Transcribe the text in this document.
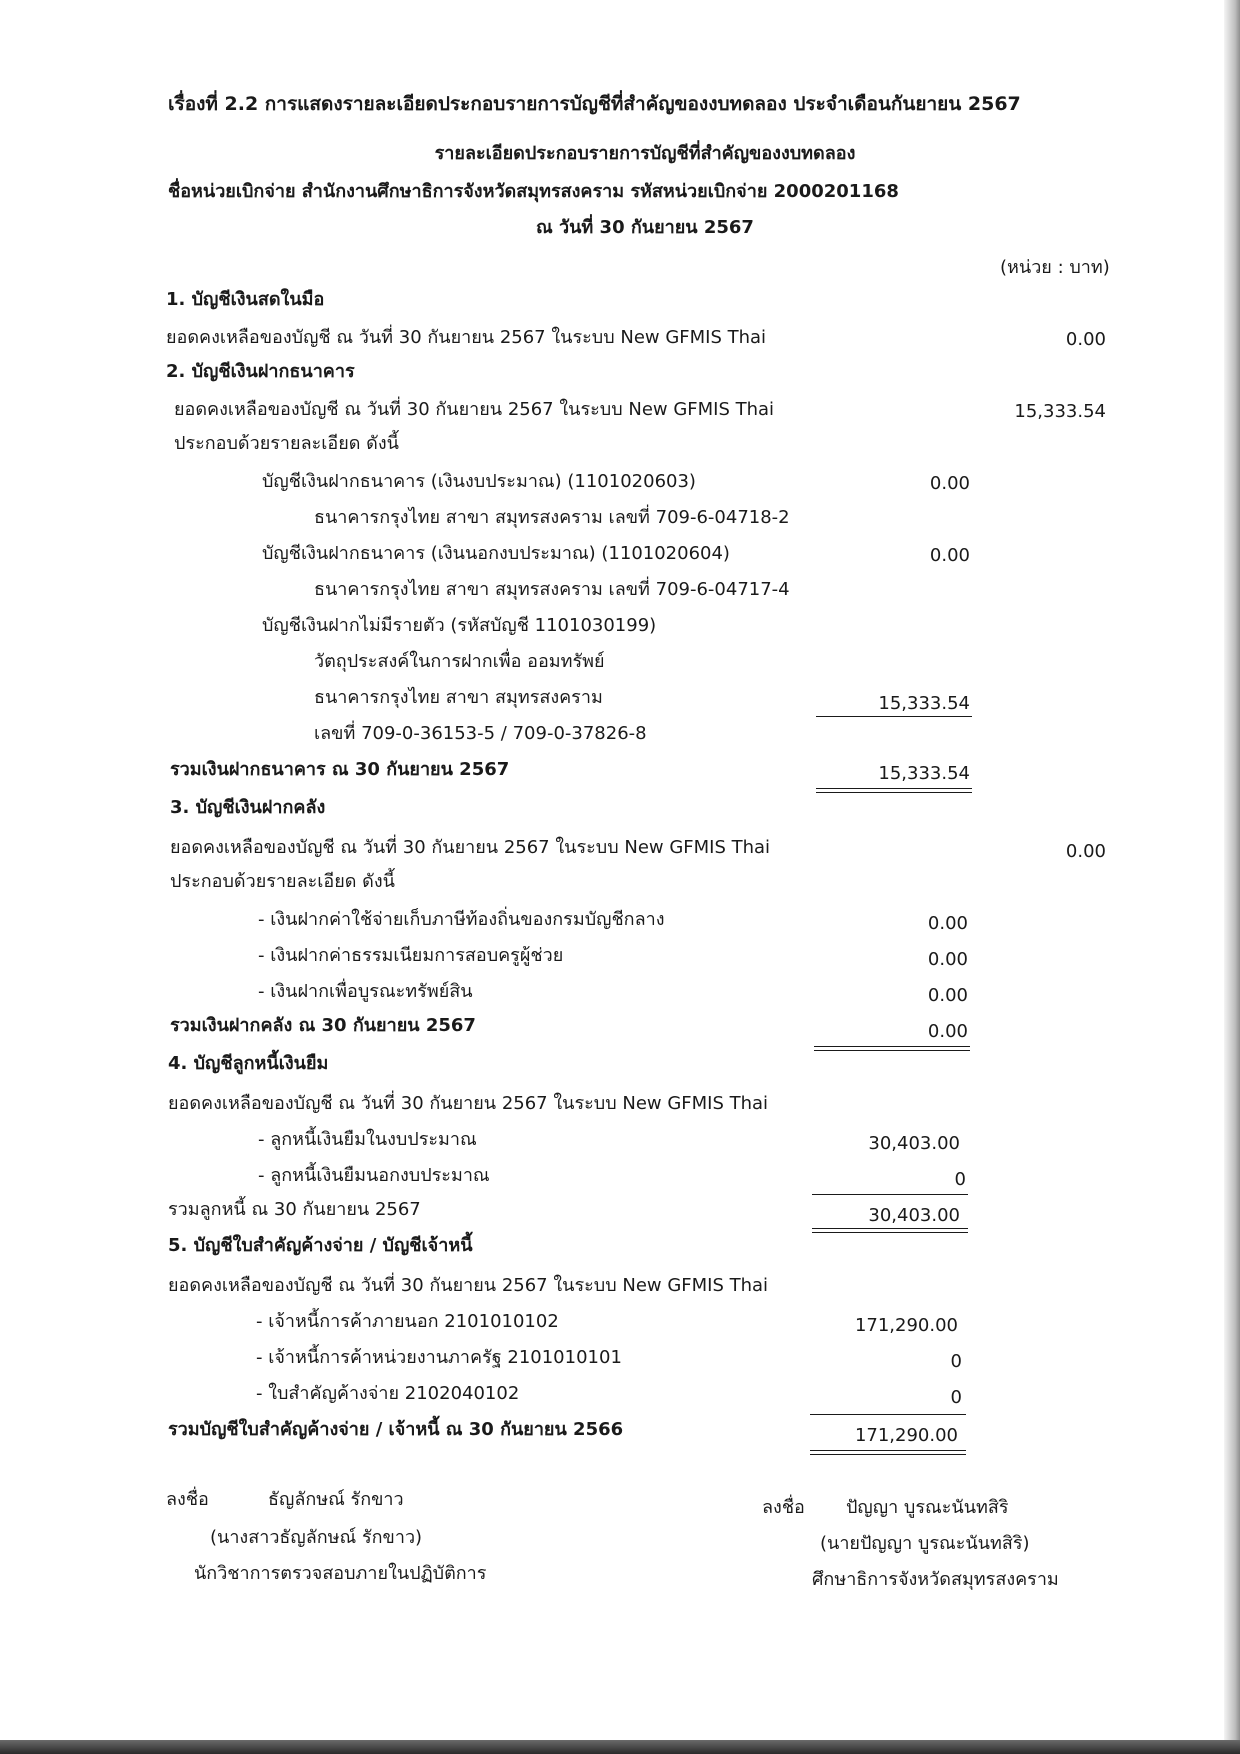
เรื่องที่ 2.2 การแสดงรายละเอียดประกอบรายการบัญชีที่สำคัญของงบทดลอง ประจำเดือนกันยายน 2567
รายละเอียดประกอบรายการบัญชีที่สำคัญของงบทดลอง
ชื่อหน่วยเบิกจ่าย สำนักงานศึกษาธิการจังหวัดสมุทรสงคราม รหัสหน่วยเบิกจ่าย 2000201168
ณ วันที่ 30 กันยายน 2567
(หน่วย : บาท)
1. บัญชีเงินสดในมือ
ยอดคงเหลือของบัญชี ณ วันที่ 30 กันยายน 2567 ในระบบ New GFMIS Thai	0.00
2. บัญชีเงินฝากธนาคาร
ยอดคงเหลือของบัญชี ณ วันที่ 30 กันยายน 2567 ในระบบ New GFMIS Thai	15,333.54
ประกอบด้วยรายละเอียด ดังนี้
บัญชีเงินฝากธนาคาร (เงินงบประมาณ) (1101020603)	0.00
ธนาคารกรุงไทย สาขา สมุทรสงคราม เลขที่ 709-6-04718-2
บัญชีเงินฝากธนาคาร (เงินนอกงบประมาณ) (1101020604)	0.00
ธนาคารกรุงไทย สาขา สมุทรสงคราม เลขที่ 709-6-04717-4
บัญชีเงินฝากไม่มีรายตัว (รหัสบัญชี 1101030199)
วัตถุประสงค์ในการฝากเพื่อ ออมทรัพย์
ธนาคารกรุงไทย สาขา สมุทรสงคราม	15,333.54
เลขที่ 709-0-36153-5 / 709-0-37826-8
รวมเงินฝากธนาคาร ณ 30 กันยายน 2567	15,333.54
3. บัญชีเงินฝากคลัง
ยอดคงเหลือของบัญชี ณ วันที่ 30 กันยายน 2567 ในระบบ New GFMIS Thai	0.00
ประกอบด้วยรายละเอียด ดังนี้
- เงินฝากค่าใช้จ่ายเก็บภาษีท้องถิ่นของกรมบัญชีกลาง	0.00
- เงินฝากค่าธรรมเนียมการสอบครูผู้ช่วย	0.00
- เงินฝากเพื่อบูรณะทรัพย์สิน	0.00
รวมเงินฝากคลัง ณ 30 กันยายน 2567	0.00
4. บัญชีลูกหนี้เงินยืม
ยอดคงเหลือของบัญชี ณ วันที่ 30 กันยายน 2567 ในระบบ New GFMIS Thai
- ลูกหนี้เงินยืมในงบประมาณ	30,403.00
- ลูกหนี้เงินยืมนอกงบประมาณ	0
รวมลูกหนี้ ณ 30 กันยายน 2567	30,403.00
5. บัญชีใบสำคัญค้างจ่าย / บัญชีเจ้าหนี้
ยอดคงเหลือของบัญชี ณ วันที่ 30 กันยายน 2567 ในระบบ New GFMIS Thai
- เจ้าหนี้การค้าภายนอก 2101010102	171,290.00
- เจ้าหนี้การค้าหน่วยงานภาครัฐ 2101010101	0
- ใบสำคัญค้างจ่าย 2102040102	0
รวมบัญชีใบสำคัญค้างจ่าย / เจ้าหนี้ ณ 30 กันยายน 2566	171,290.00
ลงชื่อ	ธัญลักษณ์ รักขาว
(นางสาวธัญลักษณ์ รักขาว)
นักวิชาการตรวจสอบภายในปฏิบัติการ
ลงชื่อ ปัญญา บูรณะนันทสิริ
(นายปัญญา บูรณะนันทสิริ)
ศึกษาธิการจังหวัดสมุทรสงคราม
